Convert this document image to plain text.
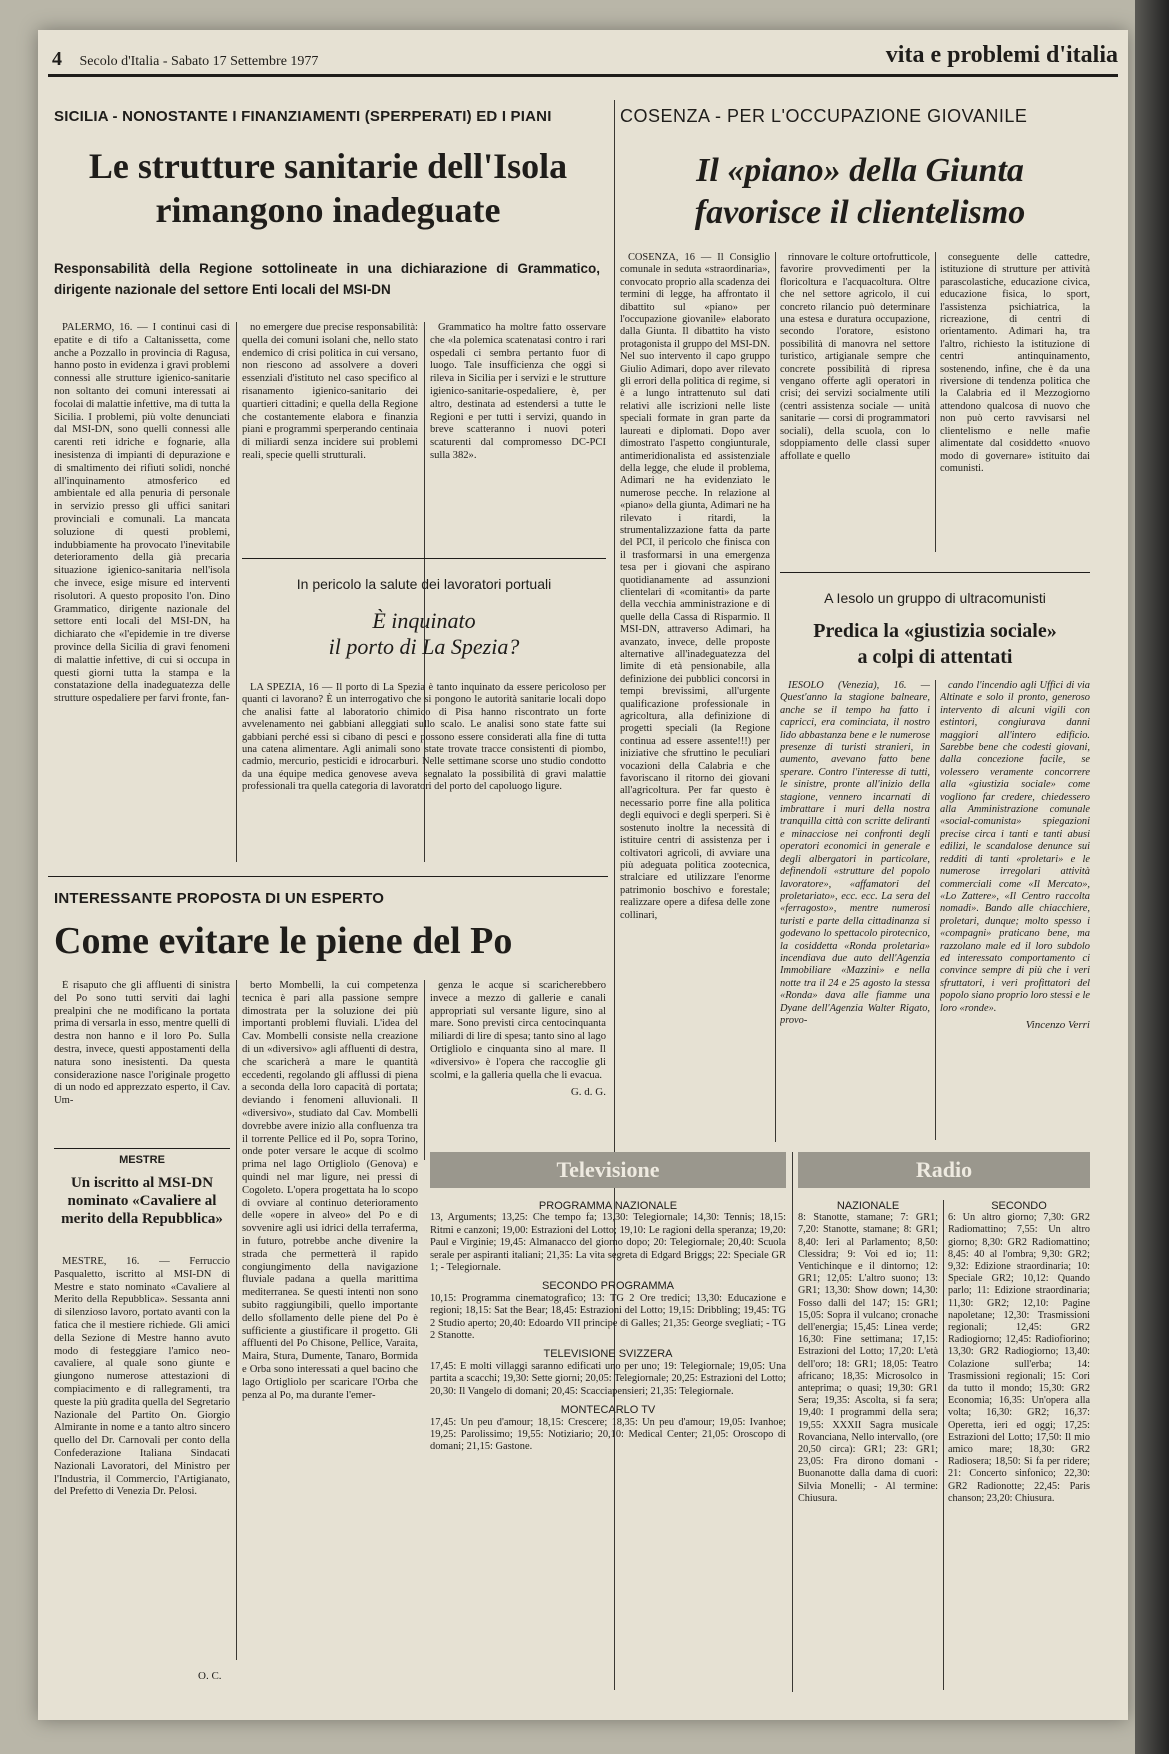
4 Secolo d'Italia - Sabato 17 Settembre 1977	vita e problemi d'italia
SICILIA - NONOSTANTE I FINANZIAMENTI (SPERPERATI) ED I PIANI
Le strutture sanitarie dell'Isola
rimangono inadeguate
Responsabilità della Regione sottolineate in una dichiarazione di Grammatico, dirigente nazionale del settore Enti locali del MSI-DN

PALERMO, 16. — I continui casi di epatite e di tifo a Caltanissetta, come anche a Pozzallo in provincia di Ragusa, hanno posto in evidenza i gravi problemi connessi alle strutture igienico-sanitarie non soltanto dei comuni interessati ai focolai di malattie infettive, ma di tutta la Sicilia. I problemi, più volte denunciati dal MSI-DN, sono quelli connessi alle carenti reti idriche e fognarie, alla inesistenza di impianti di depurazione e di smaltimento dei rifiuti solidi, nonché all'inquinamento atmosferico ed ambientale ed alla penuria di personale in servizio presso gli uffici sanitari provinciali e comunali. La mancata soluzione di questi problemi, indubbiamente ha provocato l'inevitabile deterioramento della già precaria situazione igienico-sanitaria nell'isola che invece, esige misure ed interventi risolutori. A questo proposito l'on. Dino Grammatico, dirigente nazionale del settore enti locali del MSI-DN, ha dichiarato che «l'epidemie in tre diverse province della Sicilia di gravi fenomeni di malattie infettive, di cui si occupa in questi giorni tutta la stampa e la constatazione della inadeguatezza delle strutture ospedaliere per farvi fronte, fan-

no emergere due precise responsabilità: quella dei comuni isolani che, nello stato endemico di crisi politica in cui versano, non riescono ad assolvere a doveri essenziali d'istituto nel caso specifico al risanamento igienico-sanitario dei quartieri cittadini; e quella della Regione che costantemente elabora e finanzia piani e programmi sperperando centinaia di miliardi senza incidere sui problemi reali, specie quelli strutturali.

Grammatico ha moltre fatto osservare che «la polemica scatenatasi contro i rari ospedali ci sembra pertanto fuor di luogo. Tale insufficienza che oggi si rileva in Sicilia per i servizi e le strutture igienico-sanitarie-ospedaliere, è, per altro, destinata ad estendersi a tutte le Regioni e per tutti i servizi, quando in breve scatteranno i nuovi poteri scaturenti dal compromesso DC-PCI sulla 382».

In pericolo la salute dei lavoratori portuali
È inquinato
il porto di La Spezia?

LA SPEZIA, 16 — Il porto di La Spezia è tanto inquinato da essere pericoloso per quanti ci lavorano? È un interrogativo che si pongono le autorità sanitarie locali dopo che analisi fatte al laboratorio chimico di Pisa hanno riscontrato un forte avvelenamento nei gabbiani alleggiati sullo scalo. Le analisi sono state fatte sui gabbiani perché essi si cibano di pesci e possono essere considerati alla fine di tutta una catena alimentare. Agli animali sono state trovate tracce consistenti di piombo, cadmio, mercurio, pesticidi e idrocarburi. Nelle settimane scorse uno studio condotto da una équipe medica genovese aveva segnalato la possibilità di gravi malattie professionali tra quella categoria di lavoratori del porto del capoluogo ligure.

INTERESSANTE PROPOSTA DI UN ESPERTO
Come evitare le piene del Po

È risaputo che gli affluenti di sinistra del Po sono tutti serviti dai laghi prealpini che ne modificano la portata prima di versarla in esso, mentre quelli di destra non hanno e il loro Po. Sulla destra, invece, questi appostamenti della natura sono inesistenti. Da questa considerazione nasce l'originale progetto di un nodo ed apprezzato esperto, il Cav. Um-

berto Mombelli, la cui competenza tecnica è pari alla passione sempre dimostrata per la soluzione dei più importanti problemi fluviali. L'idea del Cav. Mombelli consiste nella creazione di un «diversivo» agli affluenti di destra, che scaricherà a mare le quantità eccedenti, regolando gli afflussi di piena a seconda della loro capacità di portata; deviando i fenomeni alluvionali. Il «diversivo», studiato dal Cav. Mombelli dovrebbe avere inizio alla confluenza tra il torrente Pellice ed il Po, sopra Torino, onde poter versare le acque di scolmo prima nel lago Ortigliolo (Genova) e quindi nel mar ligure, nei pressi di Cogoleto. L'opera progettata ha lo scopo di ovviare al continuo deterioramento delle «opere in alveo» del Po e di sovvenire agli usi idrici della terraferma, in futuro, potrebbe anche divenire la strada che permetterà il rapido congiungimento della navigazione fluviale padana a quella marittima mediterranea. Se questi intenti non sono subito raggiungibili, quello importante dello sfollamento delle piene del Po è sufficiente a giustificare il progetto. Gli affluenti del Po Chisone, Pellice, Varaita, Maira, Stura, Dumente, Tanaro, Bormida e Orba sono interessati a quel bacino che lago Ortigliolo per scaricare l'Orba che penza al Po, ma durante l'emer-

genza le acque si scaricherebbero invece a mezzo di gallerie e canali appropriati sul versante ligure, sino al mare. Sono previsti circa centocinquanta miliardi di lire di spesa; tanto sino al lago Ortigliolo e cinquanta sino al mare. Il «diversivo» è l'opera che raccoglie gli scolmi, e la galleria quella che li evacua.

G. d. G.
MESTRE
Un iscritto al MSI-DN nominato «Cavaliere al merito della Repubblica»

MESTRE, 16. — Ferruccio Pasqualetto, iscritto al MSI-DN di Mestre e stato nominato «Cavaliere al Merito della Repubblica». Sessanta anni di silenzioso lavoro, portato avanti con la fatica che il mestiere richiede. Gli amici della Sezione di Mestre hanno avuto modo di festeggiare l'amico neo-cavaliere, al quale sono giunte e giungono numerose attestazioni di compiacimento e di rallegramenti, tra queste la più gradita quella del Segretario Nazionale del Partito On. Giorgio Almirante in nome e a tanto altro sincero quello del Dr. Carnovali per conto della Confederazione Italiana Sindacati Nazionali Lavoratori, del Ministro per l'Industria, il Commercio, l'Artigianato, del Prefetto di Venezia Dr. Pelosi.

O. C.
COSENZA - PER L'OCCUPAZIONE GIOVANILE
Il «piano» della Giunta
favorisce il clientelismo

COSENZA, 16 — Il Consiglio comunale in seduta «straordinaria», convocato proprio alla scadenza dei termini di legge, ha affrontato il dibattito sul «piano» per l'occupazione giovanile» elaborato dalla Giunta. Il dibattito ha visto protagonista il gruppo del MSI-DN. Nel suo intervento il capo gruppo Giulio Adimari, dopo aver rilevato gli errori della politica di regime, si è a lungo intrattenuto sul dati relativi alle iscrizioni nelle liste speciali formate in gran parte da laureati e diplomati. Dopo aver dimostrato l'aspetto congiunturale, antimeridionalista ed assistenziale della legge, che elude il problema, Adimari ne ha evidenziato le numerose pecche. In relazione al «piano» della giunta, Adimari ne ha rilevato i ritardi, la strumentalizzazione fatta da parte del PCI, il pericolo che finisca con il trasformarsi in una emergenza tesa per i giovani che aspirano quotidianamente ad assunzioni clientelari di «comitanti» da parte della vecchia amministrazione e di quelle della Cassa di Risparmio. Il MSI-DN, attraverso Adimari, ha avanzato, invece, delle proposte alternative all'inadeguatezza del limite di età pensionabile, alla definizione dei pubblici concorsi in tempi brevissimi, all'urgente qualificazione professionale in agricoltura, alla definizione di progetti speciali (la Regione continua ad essere assente!!!) per iniziative che sfruttino le peculiari vocazioni della Calabria e che favoriscano il ritorno dei giovani all'agricoltura. Per far questo è necessario porre fine alla politica degli equivoci e degli sperperi. Si è sostenuto inoltre la necessità di istituire centri di assistenza per i coltivatori agricoli, di avviare una più adeguata politica zootecnica, stralciare ed utilizzare l'enorme patrimonio boschivo e forestale; realizzare opere a difesa delle zone collinari,

rinnovare le colture ortofrutticole, favorire provvedimenti per la floricoltura e l'acquacoltura. Oltre che nel settore agricolo, il cui concreto rilancio può determinare una estesa e duratura occupazione, secondo l'oratore, esistono possibilità di manovra nel settore turistico, artigianale sempre che concrete possibilità di ripresa vengano offerte agli operatori in crisi; dei servizi socialmente utili (centri assistenza sociale — unità sanitarie — corsi di programmatori sociali), della scuola, con lo sdoppiamento delle classi super affollate e quello

conseguente delle cattedre, istituzione di strutture per attività parascolastiche, educazione civica, educazione fisica, lo sport, l'assistenza psichiatrica, la ricreazione, di centri di orientamento. Adimari ha, tra l'altro, richiesto la istituzione di centri antinquinamento, sostenendo, infine, che è da una riversione di tendenza politica che la Calabria ed il Mezzogiorno attendono qualcosa di nuovo che non può certo ravvisarsi nel clientelismo e nelle mafie alimentate dal cosiddetto «nuovo modo di governare» istituito dai comunisti.

A Iesolo un gruppo di ultracomunisti
Predica la «giustizia sociale»
a colpi di attentati

IESOLO (Venezia), 16. — Quest'anno la stagione balneare, anche se il tempo ha fatto i capricci, era cominciata, il nostro lido abbastanza bene e le numerose presenze di turisti stranieri, in aumento, avevano fatto bene sperare. Contro l'interesse di tutti, le sinistre, pronte all'inizio della stagione, vennero incarnati di imbrattare i muri della nostra tranquilla città con scritte deliranti e minacciose nei confronti degli operatori economici in generale e degli albergatori in particolare, definendoli «strutture del popolo lavoratore», «affamatori del proletariato», ecc. ecc. La sera del «ferragosto», mentre numerosi turisti e parte della cittadinanza si godevano lo spettacolo pirotecnico, la cosiddetta «Ronda proletaria» incendiava due auto dell'Agenzia Immobiliare «Mazzini» e nella notte tra il 24 e 25 agosto la stessa «Ronda» dava alle fiamme una Dyane dell'Agenzia Walter Rigato, provo-

cando l'incendio agli Uffici di via Altinate e solo il pronto, generoso intervento di alcuni vigili con estintori, congiurava danni maggiori all'intero edificio. Sarebbe bene che codesti giovani, dalla concezione facile, se volessero veramente concorrere alla «giustizia sociale» come vogliono far credere, chiedessero alla Amministrazione comunale «social-comunista» spiegazioni precise circa i tanti e tanti abusi edilizi, le scandalose denunce sui redditi di tanti «proletari» e le numerose irregolari attività commerciali come «Il Mercato», «Lo Zattere», «Il Centro raccolta nomadi». Bando alle chiacchiere, proletari, dunque; molto spesso i «compagni» praticano bene, ma razzolano male ed il loro subdolo ed interessato comportamento ci convince sempre di più che i veri sfruttatori, i veri profittatori del popolo siano proprio loro stessi e le loro «ronde».

Vincenzo Verri
Televisione
PROGRAMMA NAZIONALE
13, Arguments; 13,25: Che tempo fa; 13,30: Telegiornale; 14,30: Tennis; 18,15: Ritmi e canzoni; 19,00: Estrazioni del Lotto; 19,10: Le ragioni della speranza; 19,20: Paul e Virginie; 19,45: Almanacco del giorno dopo; 20: Telegiornale; 20,40: Scuola serale per aspiranti italiani; 21,35: La vita segreta di Edgard Briggs; 22: Speciale GR 1; - Telegiornale.
SECONDO PROGRAMMA
10,15: Programma cinematografico; 13: TG 2 Ore tredici; 13,30: Educazione e regioni; 18,15: Sat the Bear; 18,45: Estrazioni del Lotto; 19,15: Dribbling; 19,45: TG 2 Studio aperto; 20,40: Edoardo VII principe di Galles; 21,35: George svegliati; - TG 2 Stanotte.
TELEVISIONE SVIZZERA
17,45: E molti villaggi saranno edificati uno per uno; 19: Telegiornale; 19,05: Una partita a scacchi; 19,30: Sette giorni; 20,05: Telegiornale; 20,25: Estrazioni del Lotto; 20,30: Il Vangelo di domani; 20,45: Scacciapensieri; 21,35: Telegiornale.
MONTECARLO TV
17,45: Un peu d'amour; 18,15: Crescere; 18,35: Un peu d'amour; 19,05: Ivanhoe; 19,25: Parolissimo; 19,55: Notiziario; 20,10: Medical Center; 21,05: Oroscopo di domani; 21,15: Gastone.
Radio
NAZIONALE
8: Stanotte, stamane; 7: GR1; 7,20: Stanotte, stamane; 8: GR1; 8,40: Ieri al Parlamento; 8,50: Clessidra; 9: Voi ed io; 11: Ventichinque e il dintorno; 12: GR1; 12,05: L'altro suono; 13: GR1; 13,30: Show down; 14,30: Fosso dalli del 147; 15: GR1; 15,05: Sopra il vulcano; cronache dell'energia; 15,45: Linea verde; 16,30: Fine settimana; 17,15: Estrazioni del Lotto; 17,20: L'età dell'oro; 18: GR1; 18,05: Teatro africano; 18,35: Microsolco in anteprima; o quasi; 19,30: GR1 Sera; 19,35: Ascolta, si fa sera; 19,40: I programmi della sera; 19,55: XXXII Sagra musicale Rovanciana, Nello intervallo, (ore 20,50 circa): GR1; 23: GR1; 23,05: Fra dirono domani - Buonanotte dalla dama di cuori: Silvia Monelli; - Al termine: Chiusura.
SECONDO
6: Un altro giorno; 7,30: GR2 Radiomattino; 7,55: Un altro giorno; 8,30: GR2 Radiomattino; 8,45: 40 al l'ombra; 9,30: GR2; 9,32: Edizione straordinaria; 10: Speciale GR2; 10,12: Quando parlo; 11: Edizione straordinaria; 11,30: GR2; 12,10: Pagine napoletane; 12,30: Trasmissioni regionali; 12,45: GR2 Radiogiorno; 12,45: Radiofiorino; 13,30: GR2 Radiogiorno; 13,40: Colazione sull'erba; 14: Trasmissioni regionali; 15: Cori da tutto il mondo; 15,30: GR2 Economia; 16,35: Un'opera alla volta; 16,30: GR2; 16,37: Operetta, ieri ed oggi; 17,25: Estrazioni del Lotto; 17,50: Il mio amico mare; 18,30: GR2 Radiosera; 18,50: Si fa per ridere; 21: Concerto sinfonico; 22,30: GR2 Radionotte; 22,45: Paris chanson; 23,20: Chiusura.
